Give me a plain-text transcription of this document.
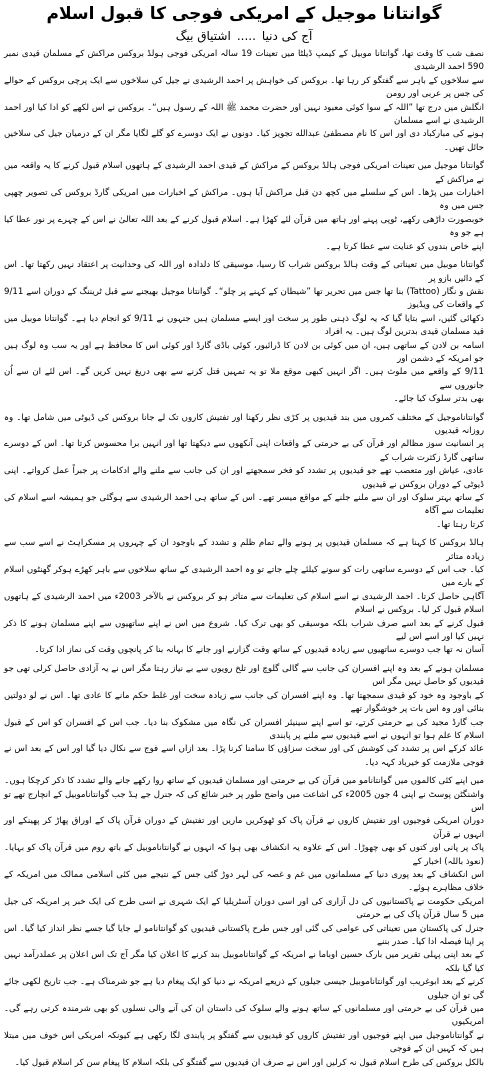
گوانتانا موجیل کے امریکی فوجی کا قبول اسلام
آج کی دنیا.....اشتیاق بیگ

نصف شب کا وقت تھا، گوانتانا موبیل کے کیمپ ڈیلٹا میں تعینات 19 سالہ امریکی فوجی ہولڈ بروکس مراکش کے مسلمان قیدی نمبر 590 احمد الرشیدی

سے سلاخوں کے باہر سے گفتگو کر رہا تھا۔ بروکس کی خواہش پر احمد الرشیدی نے جیل کی سلاخوں سے ایک پرچی بروکس کے حوالے کی جس پر عربی اور رومن

انگلش میں درج تھا ”اللہ کے سوا کوئی معبود نہیں اور حضرت محمد ﷺ اللہ کے رسول ہیں“۔ بروکس نے اس لکھے کو ادا کیا اور احمد الرشیدی نے اسے مسلمان

ہونے کی مبارکباد دی اور اس کا نام مصطفیٰ عبدالله تجویز کیا۔ دونوں نے ایک دوسرے کو گلے لگایا مگر ان کے درمیان جیل کی سلاخیں حائل تھیں۔

گوانتانا موجیل میں تعینات امریکی فوجی ہالڈ بروکس کے مراکش کے قیدی احمد الرشیدی کے ہاتھوں اسلام قبول کرنے کا یہ واقعہ میں نے مراکش کے

اخبارات میں پڑھا۔ اس کے سلسلے میں کچھ دن قبل مراکش آیا ہوں۔ مراکش کے اخبارات میں امریکی گارڈ بروکس کی تصویر چھپی جس میں وہ

خوبصورت داڑھی رکھے، ٹوپی پہنے اور ہاتھ میں قرآن لئے کھڑا ہے۔ اسلام قبول کرنے کے بعد اللہ تعالیٰ نے اس کے چہرے پر نور عطا کیا ہے جو وہ

اپنے خاص بندوں کو عنایت سے عطا کرتا ہے۔

گوانتانا موبیل میں تعیناتی کے وقت ہالڈ بروکس شراب کا رسیا، موسیقی کا دلدادہ اور اللہ کی وحدانیت پر اعتقاد نہیں رکھتا تھا۔ اس کے دائیں بازو پر

نقش و نگار (Tattoo) بنا تھا جس میں تحریر تھا ”شیطان کے کہنے پر چلو“۔ گوانتانا موجیل بھیجنے سے قبل ٹریننگ کے دوران اسے 9/11 کے واقعات کی ویڈیوز

دکھائی گئیں، اسے بتایا گیا کہ یہ لوگ ذہنی طور پر سخت اور ایسے مسلمان ہیں جنہوں نے 9/11 کو انجام دیا ہے۔ گوانتانا موبیل میں قید مسلمان قیدی بدترین لوگ ہیں۔ یہ افراد

اسامہ بن لادن کے ساتھی ہیں، ان میں کوئی بن لادن کا ڈرائیور، کوئی باڈی گارڈ اور کوئی اس کا محافظ ہے اور یہ سب وہ لوگ ہیں جو امریکہ کے دشمن اور

9/11 کے واقعے میں ملوث ہیں۔ اگر انہیں کبھی موقع ملا تو یہ تمہیں قتل کرنے سے بھی دریغ نہیں کریں گے۔ اس لئے ان سے اُن جانوروں سے

بھی بدتر سلوک کیا جائے۔

گوانتاناموجیل کے مختلف کمروں میں بند قیدیوں پر کڑی نظر رکھنا اور تفتیش کاروں تک لے جانا بروکس کی ڈیوٹی میں شامل تھا۔ وہ روزانہ قیدیوں

پر انسانیت سوز مظالم اور قرآن کی بے حرمتی کے واقعات اپنی آنکھوں سے دیکھتا تھا اور انہیں برا محسوس کرتا تھا۔ اس کے دوسرے ساتھی گارڈ زکثرت شراب کے

عادی، عیاش اور متعصب تھے جو قیدیوں پر تشدد کو فخر سمجھتے اور ان کی جانب سے ملنے والے ادکامات پر جبراً عمل کرواتے۔ اپنی ڈیوٹی کے دوران بروکس نے قیدیوں

کے ساتھ بہتر سلوک اور ان سے ملنے جلنے کے مواقع میسر تھے۔ اس کے ساتھ ہی احمد الرشیدی سے ہوگئی جو ہمیشہ اسے اسلام کی تعلیمات سے آگاہ

کرتا رہتا تھا۔

ہالڈ بروکس کا کہنا ہے کہ مسلمان قیدیوں پر ہونے والے تمام ظلم و تشدد کے باوجود ان کے چہروں پر مسکراہٹ نے اسے سب سے زیادہ متاثر

کیا۔ جب اس کے دوسرے ساتھی رات کو سونے کیلئے چلے جاتے تو وہ احمد الرشیدی کے ساتھ سلاخوں سے باہر کھڑے ہوکر گھنٹوں اسلام کے بارے میں

آگاہی حاصل کرتا۔ احمد الرشیدی نے اسے اسلام کی تعلیمات سے متاثر ہو کر بروکس نے بالآخر 2003ء میں احمد الرشیدی کے ہاتھوں اسلام قبول کر لیا۔ بروکس نے اسلام

قبول کرنے کے بعد اسے صرف شراب بلکہ موسیقی کو بھی ترک کیا۔ شروع میں اس نے اپنے ساتھیوں سے اپنے مسلمان ہونے کا ذکر نہیں کیا اور اسے اس لیے

آسان نہ تھا جب دوسرے ساتھیوں سے زیادہ قیدیوں کے ساتھ وقت گزارنے اور جانے کا بہانہ بنا کر پانچوں وقت کی نماز ادا کرتا۔

مسلمان ہونے کے بعد وہ اپنے افسران کی جانب سے گالی گلوچ اور تلخ رویوں سے بے نیاز رہتا مگر اس نے یہ آزادی حاصل کرلی تھی جو قیدیوں کو حاصل نہیں مگر اس

کے باوجود وہ خود کو قیدی سمجھتا تھا۔ وہ اپنے افسران کی جانب سے زیادہ سخت اور غلط حکم مانے کا عادی تھا۔ اس نے لو دولتیں بنائی اور وہ اس بات پر خوشگوار تھے

جب گارڈ مجید کی بے حرمتی کرتے، تو اسے اپنے سینیئر افسران کی نگاہ میں مشکوک بنا دیا۔ جب اس کے افسران کو اس کے قبول اسلام کا علم ہوا تو انہوں نے اسے قیدیوں سے ملنے پر پابندی

عائد کرکے اس پر تشدد کی کوشش کی اور سخت سزاؤں کا سامنا کرنا پڑا۔ بعد ازاں اسے فوج سے نکال دیا گیا اور اس کے بعد اس نے فوجی ملازمت کو خیرباد کہہ دیا۔

میں اپنے کئی کالموں میں گوانتانامو میں قرآن کی بے حرمتی اور مسلمان قیدیوں کے ساتھ روا رکھے جانے والے تشدد کا ذکر کرچکا ہوں۔

واشنگٹن پوسٹ نے اپنی 4 جون 2005ء کی اشاعت میں واضح طور پر خبر شائع کی کہ جنرل جے ہڈ جب گوانتاناموبیل کے انچارج تھے تو اس

دوران امریکی فوجیوں اور تفتیش کاروں نے قرآن پاک کو ٹھوکریں ماریں اور تفتیش کے دوران قرآن پاک کے اوراق پھاڑ کر پھینکے اور انہوں نے قرآن

پاک پر پانی اور کتوں کو بھی چھوڑا۔ اس کے علاوہ یہ انکشاف بھی ہوا کہ انہوں نے گوانتاناموبیل کے باتھ روم میں قرآن پاک کو بہایا۔ (نعوذ باللہ) اخبار کے

اس انکشاف کے بعد پوری دنیا کے مسلمانوں میں غم و غصہ کی لہر دوڑ گئی جس کے نتیجے میں کئی اسلامی ممالک میں امریکہ کے خلاف مظاہرے ہوئے۔

امریکی حکومت نے پاکستانیوں کی دل آزاری کی اور اسی دوران آسٹریلیا کے ایک شہری نے اسی طرح کی ایک خبر پر امریکہ کی جیل میں 5 سال قرآن پاک کی بے حرمتی

جنرل کی پاکستان میں تعیناتی کی عوامی کی گئی اور جس طرح پاکستانی قیدیوں کو گوانتانامو لے جایا گیا جسے نظر انداز کیا گیا۔ اس پر اپنا فیصلہ ادا کیا۔ صدر بننے

کے بعد اپنی پہلی تقریر میں بارک حسین اوباما نے امریکہ کے گوانتاناموبیل بند کرنے کا اعلان کیا مگر آج تک اس اعلان پر عملدرآمد نہیں کیا گیا بلکہ

کرنے کے بعد ابوغریب اور گوانتاناموبیل جیسی جیلوں کے ذریعے امریکہ نے دنیا کو ایک پیغام دیا ہے جو شرمناک ہے۔ جب تاریخ لکھی جائے گی تو ان جیلوں

میں قرآن کی بے حرمتی اور مسلمانوں کے ساتھ ہونے والے سلوک کی داستان ان کی آنے والی نسلوں کو بھی شرمندہ کرتی رہے گی۔ امریکیوں

نے گوانتاناموجیل میں اپنے فوجیوں اور تفتیش کاروں کو قیدیوں سے گفتگو پر پابندی لگا رکھی ہے کیونکہ امریکی اس خوف میں مبتلا ہیں کہ کہیں ان کے فوجی

بالکل بروکس کی طرح اسلام قبول نہ کرلیں اور اس نے صرف ان قیدیوں سے گفتگو کی بلکہ اسلام کا پیغام سن کر اسلام قبول کیا۔
